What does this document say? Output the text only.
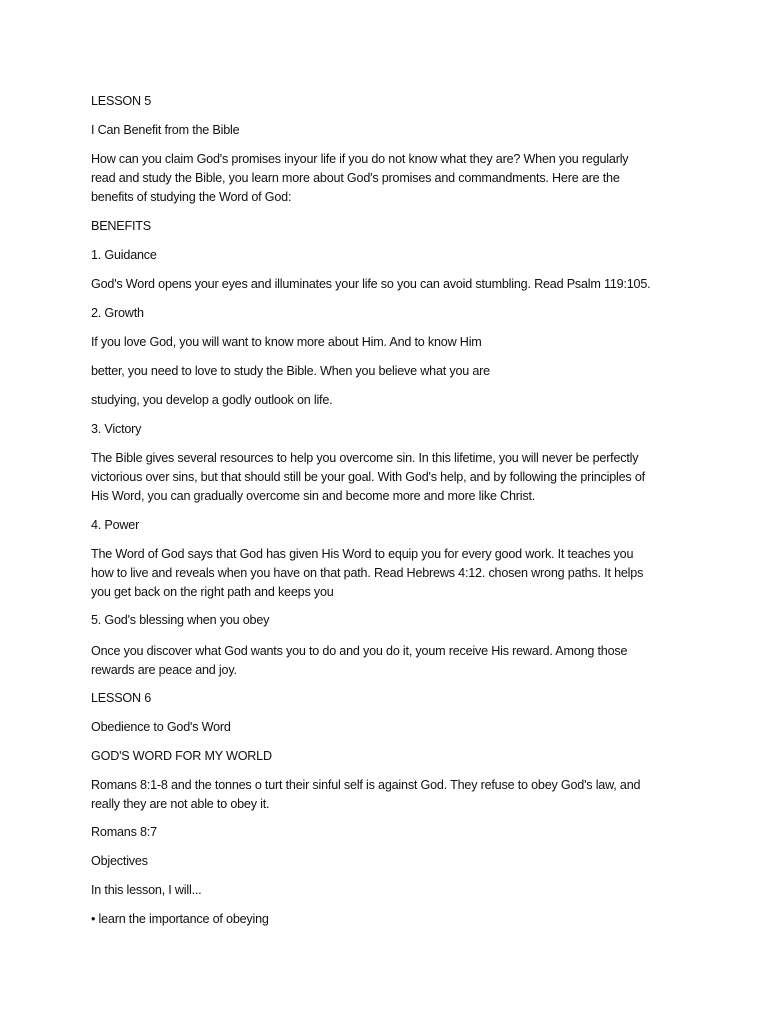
LESSON 5

I Can Benefit from the Bible

How can you claim God's promises inyour life if you do not know what they are? When you regularly
read and study the Bible, you learn more about God's promises and commandments. Here are the
benefits of studying the Word of God:

BENEFITS

1. Guidance

God's Word opens your eyes and illuminates your life so you can avoid stumbling. Read Psalm 119:105.

2. Growth

If you love God, you will want to know more about Him. And to know Him

better, you need to love to study the Bible. When you believe what you are

studying, you develop a godly outlook on life.

3. Victory

The Bible gives several resources to help you overcome sin. In this lifetime, you will never be perfectly
victorious over sins, but that should still be your goal. With God's help, and by following the principles of
His Word, you can gradually overcome sin and become more and more like Christ.

4. Power

The Word of God says that God has given His Word to equip you for every good work. It teaches you
how to live and reveals when you have on that path. Read Hebrews 4:12. chosen wrong paths. It helps
you get back on the right path and keeps you

5. God's blessing when you obey

Once you discover what God wants you to do and you do it, youm receive His reward. Among those
rewards are peace and joy.

LESSON 6

Obedience to God's Word

GOD'S WORD FOR MY WORLD

Romans 8:1-8 and the tonnes o turt their sinful self is against God. They refuse to obey God's law, and
really they are not able to obey it.

Romans 8:7

Objectives

In this lesson, I will...

• learn the importance of obeying
